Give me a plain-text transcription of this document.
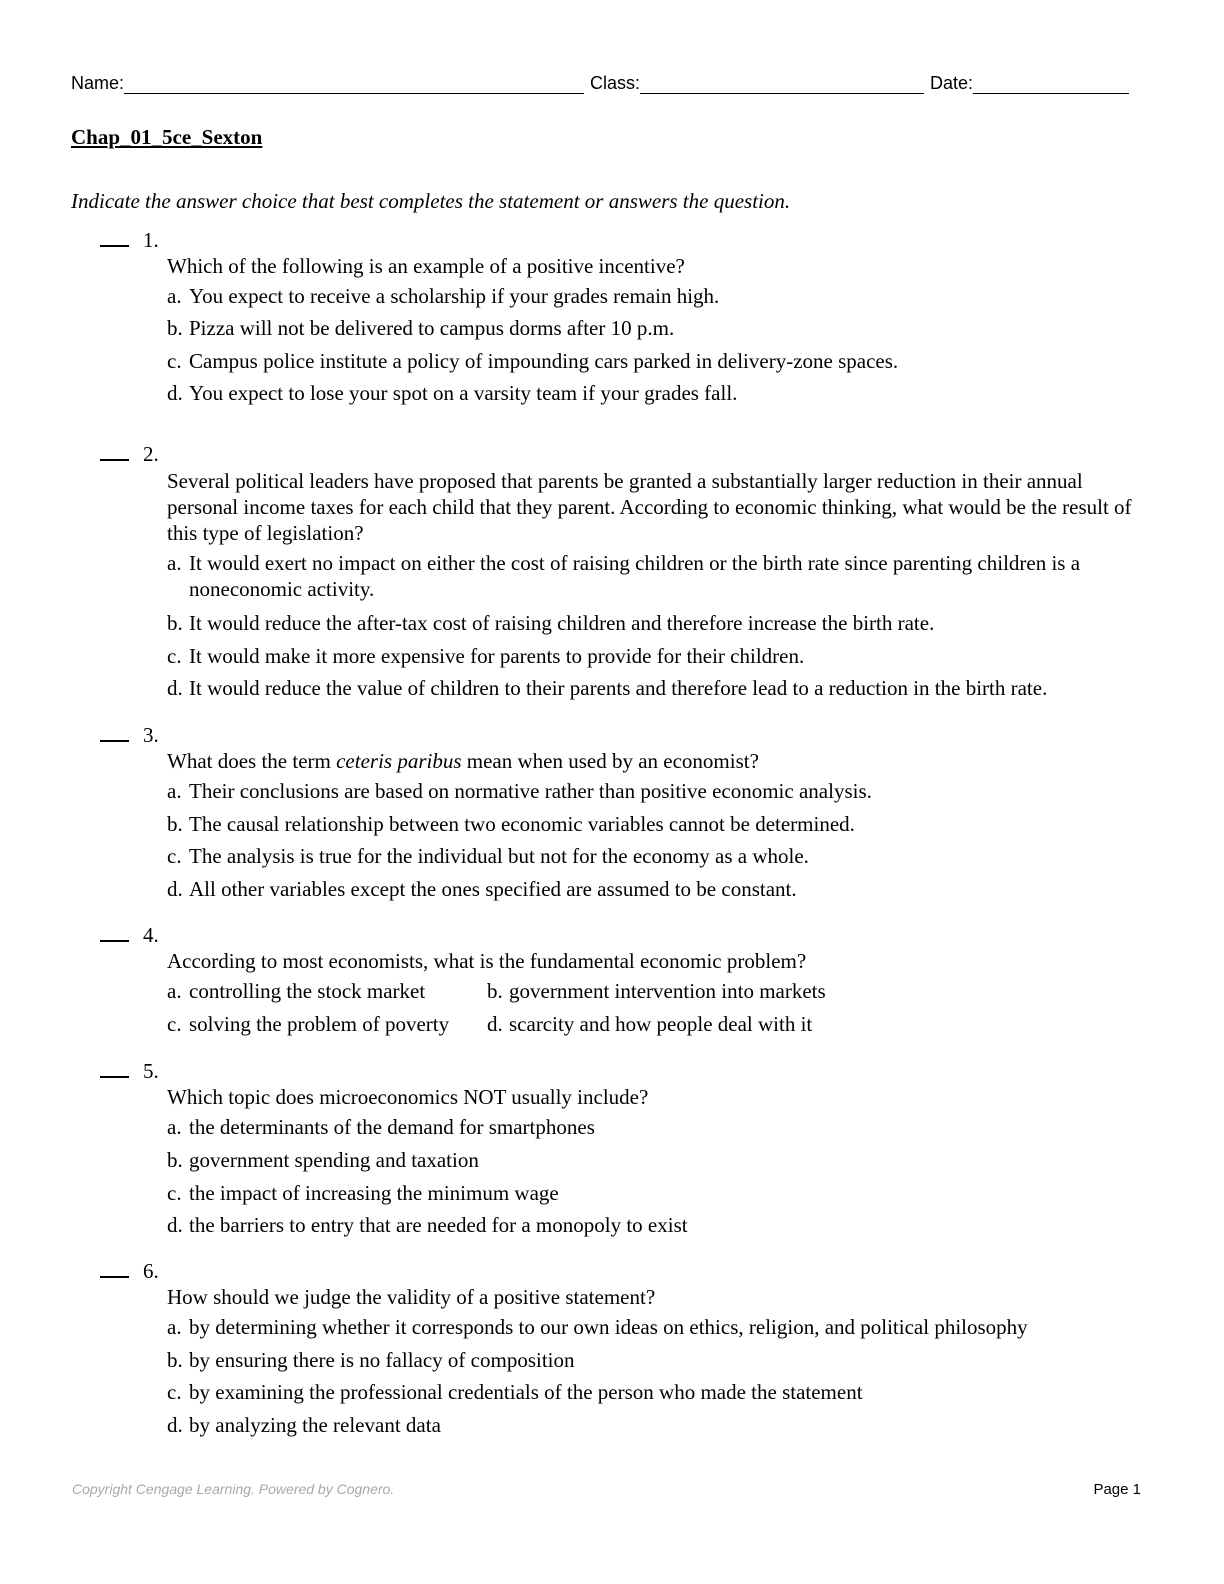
Name:	Class:	Date:
Chap_01_5ce_Sexton
Indicate the answer choice that best completes the statement or answers the question.
1.
Which of the following is an example of a positive incentive?
a. You expect to receive a scholarship if your grades remain high.
b. Pizza will not be delivered to campus dorms after 10 p.m.
c. Campus police institute a policy of impounding cars parked in delivery-zone spaces.
d. You expect to lose your spot on a varsity team if your grades fall.
2.
Several political leaders have proposed that parents be granted a substantially larger reduction in their annual personal income taxes for each child that they parent. According to economic thinking, what would be the result of this type of legislation?
a. It would exert no impact on either the cost of raising children or the birth rate since parenting children is a noneconomic activity.
b. It would reduce the after-tax cost of raising children and therefore increase the birth rate.
c. It would make it more expensive for parents to provide for their children.
d. It would reduce the value of children to their parents and therefore lead to a reduction in the birth rate.
3.
What does the term ceteris paribus mean when used by an economist?
a. Their conclusions are based on normative rather than positive economic analysis.
b. The causal relationship between two economic variables cannot be determined.
c. The analysis is true for the individual but not for the economy as a whole.
d. All other variables except the ones specified are assumed to be constant.
4.
According to most economists, what is the fundamental economic problem?
a. controlling the stock market	b. government intervention into markets
c. solving the problem of poverty	d. scarcity and how people deal with it
5.
Which topic does microeconomics NOT usually include?
a. the determinants of the demand for smartphones
b. government spending and taxation
c. the impact of increasing the minimum wage
d. the barriers to entry that are needed for a monopoly to exist
6.
How should we judge the validity of a positive statement?
a. by determining whether it corresponds to our own ideas on ethics, religion, and political philosophy
b. by ensuring there is no fallacy of composition
c. by examining the professional credentials of the person who made the statement
d. by analyzing the relevant data
Copyright Cengage Learning. Powered by Cognero.	Page 1
